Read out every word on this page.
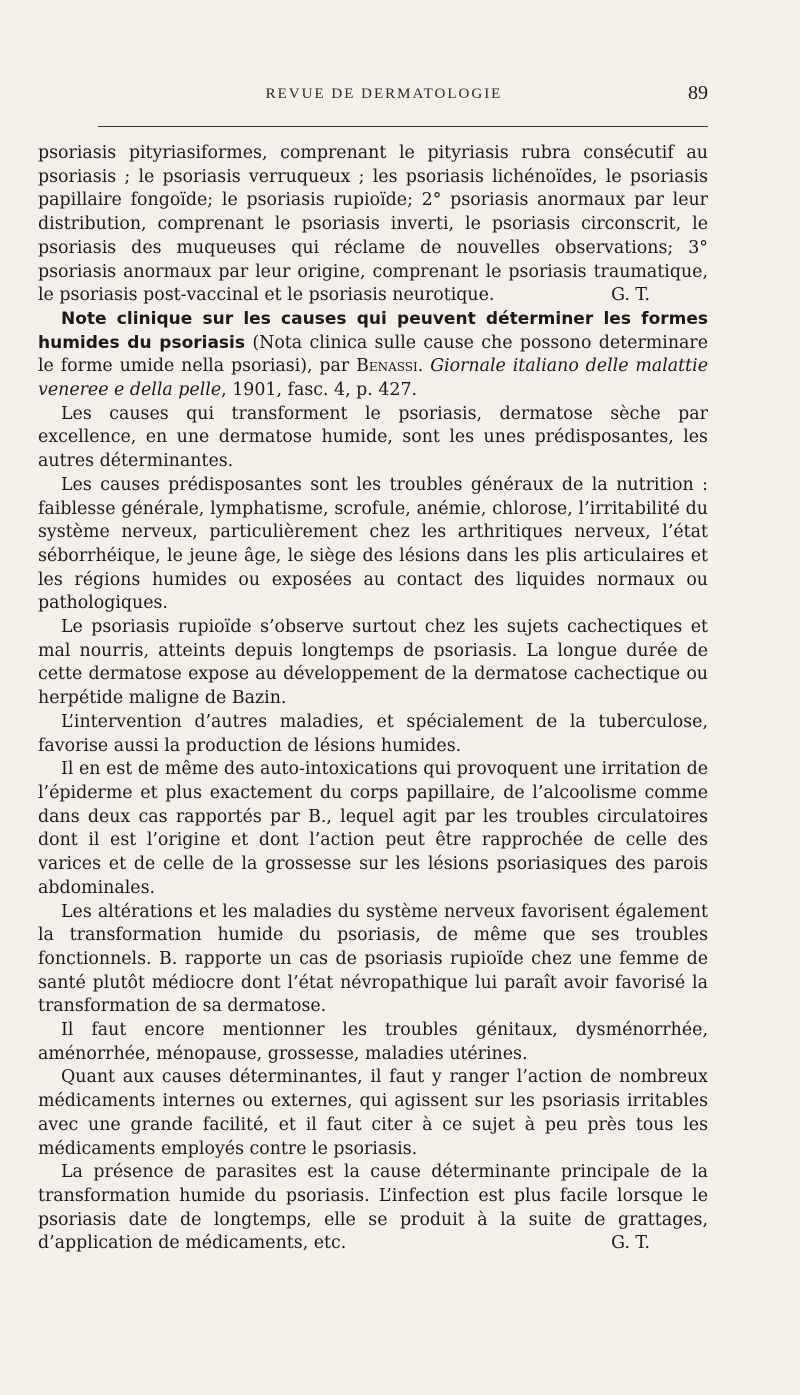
REVUE DE DERMATOLOGIE	89

psoriasis pityriasiformes, comprenant le pityriasis rubra consécutif au psoriasis ; le psoriasis verruqueux ; les psoriasis lichénoïdes, le psoriasis papillaire fongoïde; le psoriasis rupioïde; 2° psoriasis anormaux par leur distribution, comprenant le psoriasis inverti, le psoriasis circonscrit, le psoriasis des muqueuses qui réclame de nouvelles observations; 3° psoriasis anormaux par leur origine, comprenant le psoriasis traumatique, le psoriasis post-vaccinal et le psoriasis neurotique.	G. T.

Note clinique sur les causes qui peuvent déterminer les formes humides du psoriasis (Nota clinica sulle cause che possono determinare le forme umide nella psoriasi), par Benassi. Giornale italiano delle malattie veneree e della pelle, 1901, fasc. 4, p. 427.

Les causes qui transforment le psoriasis, dermatose sèche par excellence, en une dermatose humide, sont les unes prédisposantes, les autres déterminantes.

Les causes prédisposantes sont les troubles généraux de la nutrition : faiblesse générale, lymphatisme, scrofule, anémie, chlorose, l’irritabilité du système nerveux, particulièrement chez les arthritiques nerveux, l’état séborrhéique, le jeune âge, le siège des lésions dans les plis articulaires et les régions humides ou exposées au contact des liquides normaux ou pathologiques.

Le psoriasis rupioïde s’observe surtout chez les sujets cachectiques et mal nourris, atteints depuis longtemps de psoriasis. La longue durée de cette dermatose expose au développement de la dermatose cachectique ou herpétide maligne de Bazin.

L’intervention d’autres maladies, et spécialement de la tuberculose, favorise aussi la production de lésions humides.

Il en est de même des auto-intoxications qui provoquent une irritation de l’épiderme et plus exactement du corps papillaire, de l’alcoolisme comme dans deux cas rapportés par B., lequel agit par les troubles circulatoires dont il est l’origine et dont l’action peut être rapprochée de celle des varices et de celle de la grossesse sur les lésions psoriasiques des parois abdominales.

Les altérations et les maladies du système nerveux favorisent également la transformation humide du psoriasis, de même que ses troubles fonctionnels. B. rapporte un cas de psoriasis rupioïde chez une femme de santé plutôt médiocre dont l’état névropathique lui paraît avoir favorisé la transformation de sa dermatose.

Il faut encore mentionner les troubles génitaux, dysménorrhée, aménorrhée, ménopause, grossesse, maladies utérines.

Quant aux causes déterminantes, il faut y ranger l’action de nombreux médicaments internes ou externes, qui agissent sur les psoriasis irritables avec une grande facilité, et il faut citer à ce sujet à peu près tous les médicaments employés contre le psoriasis.

La présence de parasites est la cause déterminante principale de la transformation humide du psoriasis. L’infection est plus facile lorsque le psoriasis date de longtemps, elle se produit à la suite de grattages, d’application de médicaments, etc.	G. T.
